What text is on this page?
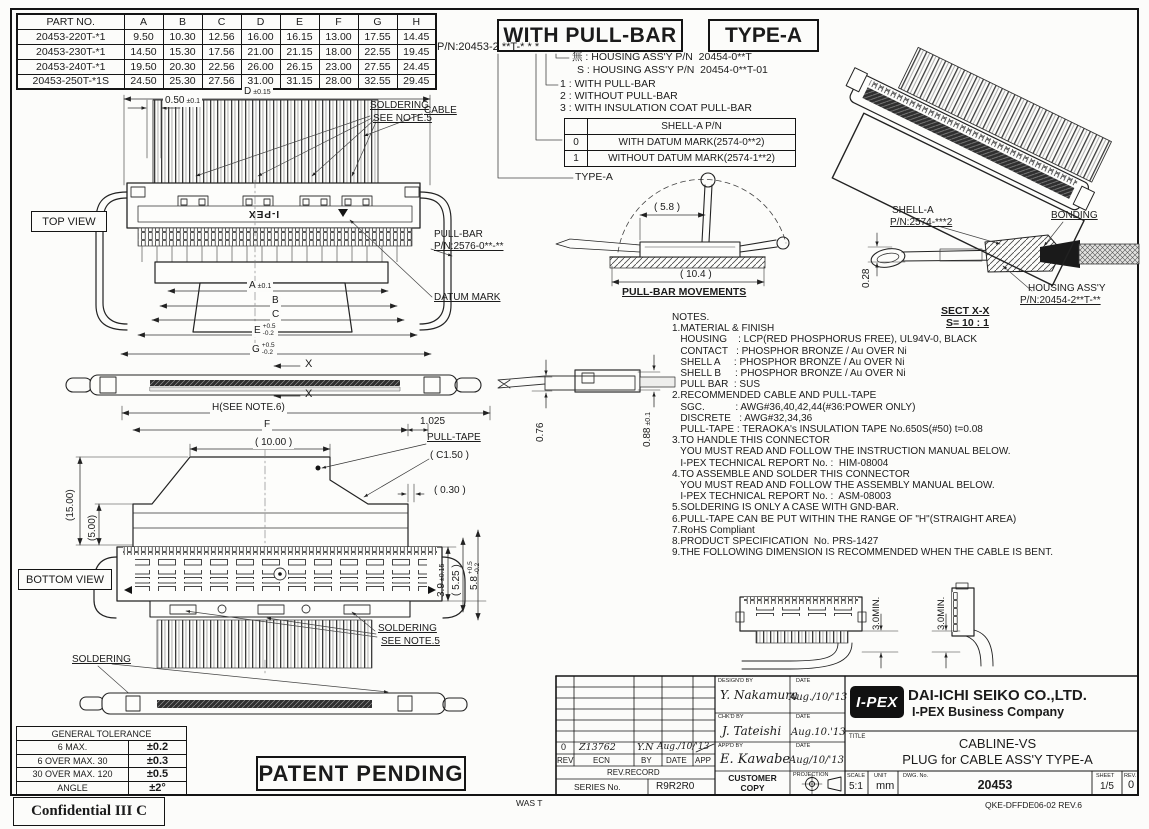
PART NO.	A	B	C	D	E	F	G	H
20453-220T-*1	9.50	10.30	12.56	16.00	16.15	13.00	17.55	14.45
20453-230T-*1	14.50	15.30	17.56	21.00	21.15	18.00	22.55	19.45
20453-240T-*1	19.50	20.30	22.56	26.00	26.15	23.00	27.55	24.45
20453-250T-*1S	24.50	25.30	27.56	31.00	31.15	28.00	32.55	29.45
WITH PULL-BAR	TYPE-A
P/N:20453-2 **T-* * *
無 : HOUSING ASS'Y P/N  20454-0**T
S : HOUSING ASS'Y P/N  20454-0**T-01
1 : WITH PULL-BAR
2 : WITHOUT PULL-BAR
3 : WITH INSULATION COAT PULL-BAR
	SHELL-A P/N
0	WITH DATUM MARK(2574-0**2)
1	WITHOUT DATUM MARK(2574-1**2)
TYPE-A
TOP VIEW
BOTTOM VIEW
CABLE
SOLDERING
SEE NOTE.5
PULL-BAR
P/N:2576-0**-**
DATUM MARK
PULL-TAPE
SOLDERING
SEE NOTE.5
SOLDERING
I-PEX
PULL-BAR MOVEMENTS
D ±0.15
0.50 ±0.1
A ±0.1
B
C
E +0.5
-0.2
G +0.5
-0.2
X
X
H(SEE NOTE.6)
F	1.025
( 10.00 )
( C1.50 )
( 0.30 )
(15.00)
(5.00)
3.9±0.15 ( 5.25 ) 5.8
+0.5 -0.2
0.76	0.88±0.1
( 5.8 )
( 10.4 )	0.28
3.0MIN.	3.0MIN.
SHELL-A
P/N:2574-***2
BONDING
HOUSING ASS'Y
P/N:20454-2**T-**
SECT X-X
S= 10 : 1
NOTES.
1.MATERIAL & FINISH
HOUSING    : LCP(RED PHOSPHORUS FREE), UL94V-0, BLACK
CONTACT   : PHOSPHOR BRONZE / Au OVER Ni
SHELL A     : PHOSPHOR BRONZE / Au OVER Ni
SHELL B     : PHOSPHOR BRONZE / Au OVER Ni
PULL BAR  : SUS
2.RECOMMENDED CABLE AND PULL-TAPE
SGC.           : AWG#36,40,42,44(#36:POWER ONLY)
DISCRETE   : AWG#32,34,36
PULL-TAPE : TERAOKA's INSULATION TAPE No.650S(#50) t=0.08
3.TO HANDLE THIS CONNECTOR
YOU MUST READ AND FOLLOW THE INSTRUCTION MANUAL BELOW.
I-PEX TECHNICAL REPORT No. :  HIM-08004
4.TO ASSEMBLE AND SOLDER THIS CONNECTOR
YOU MUST READ AND FOLLOW THE ASSEMBLY MANUAL BELOW.
I-PEX TECHNICAL REPORT No. :  ASM-08003
5.SOLDERING IS ONLY A CASE WITH GND-BAR.
6.PULL-TAPE CAN BE PUT WITHIN THE RANGE OF "H"(STRAIGHT AREA)
7.RoHS Compliant
8.PRODUCT SPECIFICATION  No. PRS-1427
9.THE FOLLOWING DIMENSION IS RECOMMENDED WHEN THE CABLE IS BENT.
GENERAL TOLERANCE	
6 MAX.	±0.2
6 OVER MAX. 30	±0.3
30 OVER MAX. 120	±0.5
ANGLE	±2°
PATENT PENDING
Confidential III C	WAS T	QKE-DFFDE06-02 REV.6
0 Z13762 Y.N Aug./10/'13
REV ECN	BY DATE APP
REV.RECORD
SERIES No.	R9R2R0
DESIGN'D BY	DATE
Y. Nakamura
Aug./10/'13
CHK'D BY	DATE
J. Tateishi Aug.10.'13
APP'D BY	DATE
E. Kawabe
Aug/10/'13
CUSTOMER
COPY
PROJECTION
I-PEX DAI-ICHI SEIKO CO.,LTD.
I-PEX Business Company
TITLE	CABLINE-VS
PLUG for CABLE ASS'Y TYPE-A
SCALE
5:1
UNIT
mm
DWG. No.
20453
SHEET
1/5
REV.
0
